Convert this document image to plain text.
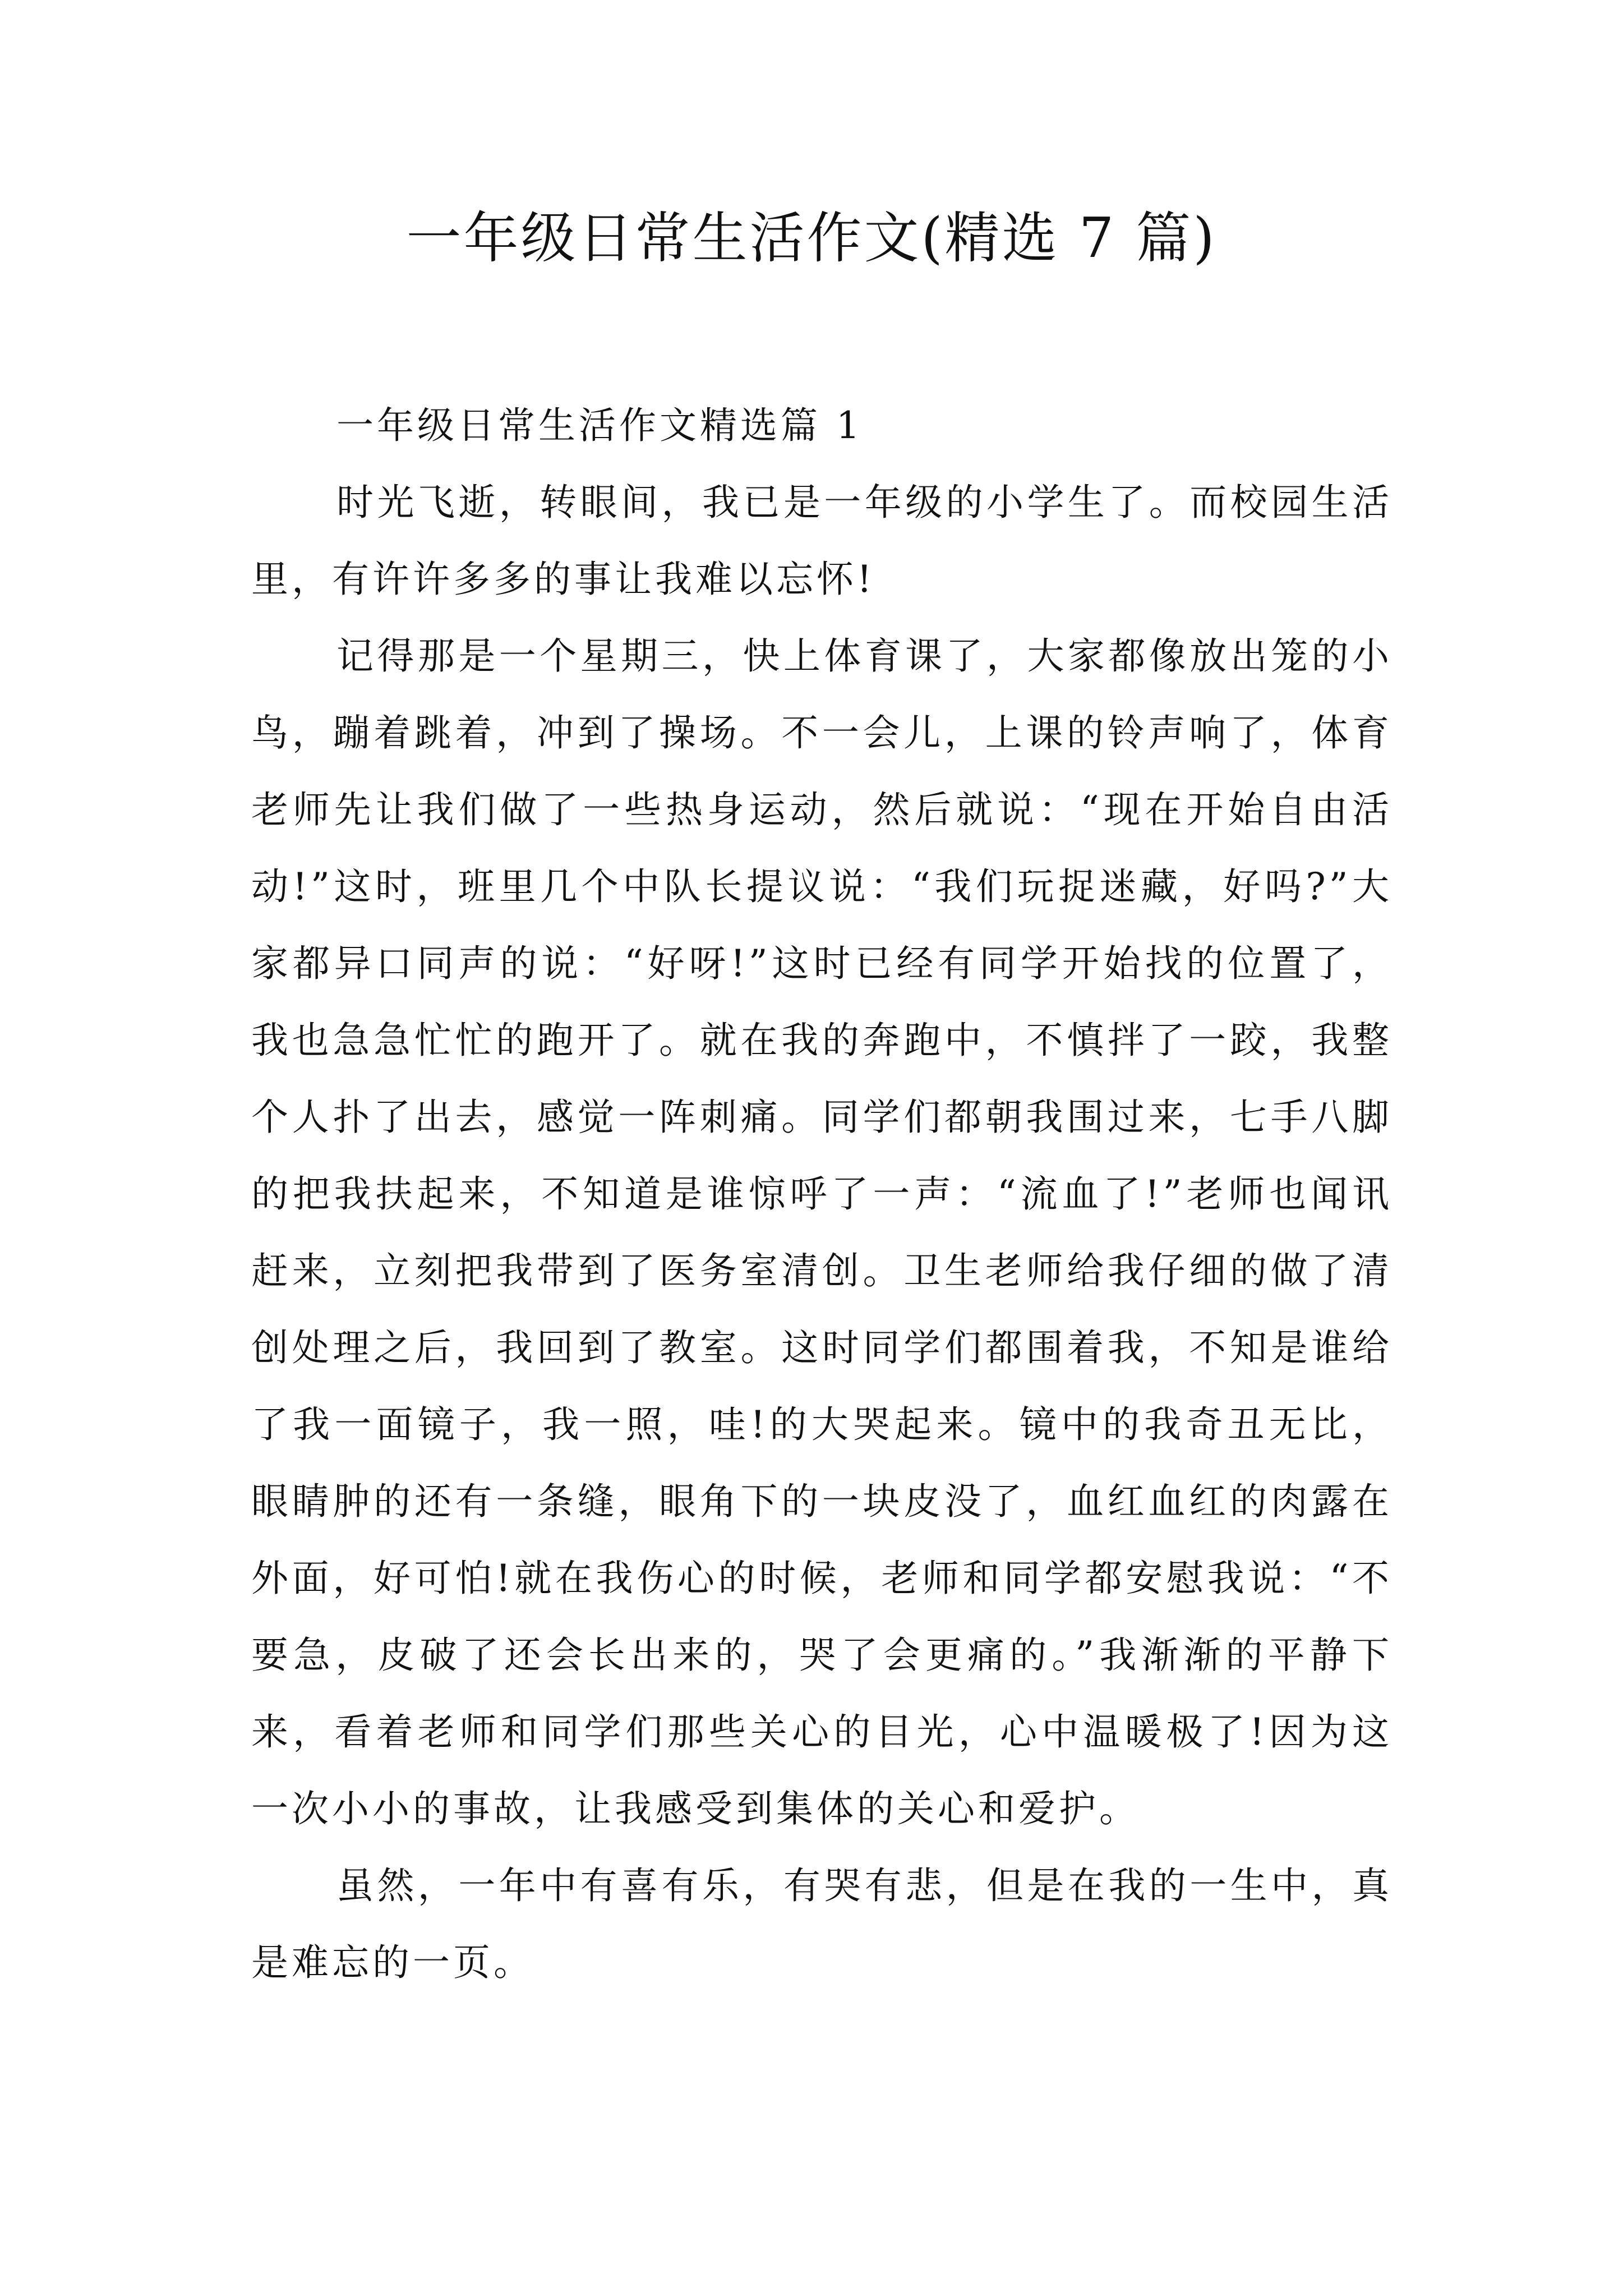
一年级日常生活作文(精选 7 篇)

一年级日常生活作文精选篇 1

时光飞逝，转眼间，我已是一年级的小学生了。而校园生活里，有许许多多的事让我难以忘怀!

记得那是一个星期三，快上体育课了，大家都像放出笼的小鸟，蹦着跳着，冲到了操场。不一会儿，上课的铃声响了，体育老师先让我们做了一些热身运动，然后就说：“现在开始自由活动!”这时，班里几个中队长提议说：“我们玩捉迷藏，好吗?”大家都异口同声的说：“好呀!”这时已经有同学开始找的位置了，我也急急忙忙的跑开了。就在我的奔跑中，不慎拌了一跤，我整个人扑了出去，感觉一阵刺痛。同学们都朝我围过来，七手八脚的把我扶起来，不知道是谁惊呼了一声：“流血了!”老师也闻讯赶来，立刻把我带到了医务室清创。卫生老师给我仔细的做了清创处理之后，我回到了教室。这时同学们都围着我，不知是谁给了我一面镜子，我一照，哇!的大哭起来。镜中的我奇丑无比，眼睛肿的还有一条缝，眼角下的一块皮没了，血红血红的肉露在外面，好可怕!就在我伤心的时候，老师和同学都安慰我说：“不要急，皮破了还会长出来的，哭了会更痛的。”我渐渐的平静下来，看着老师和同学们那些关心的目光，心中温暖极了!因为这一次小小的事故，让我感受到集体的关心和爱护。

虽然，一年中有喜有乐，有哭有悲，但是在我的一生中，真是难忘的一页。
